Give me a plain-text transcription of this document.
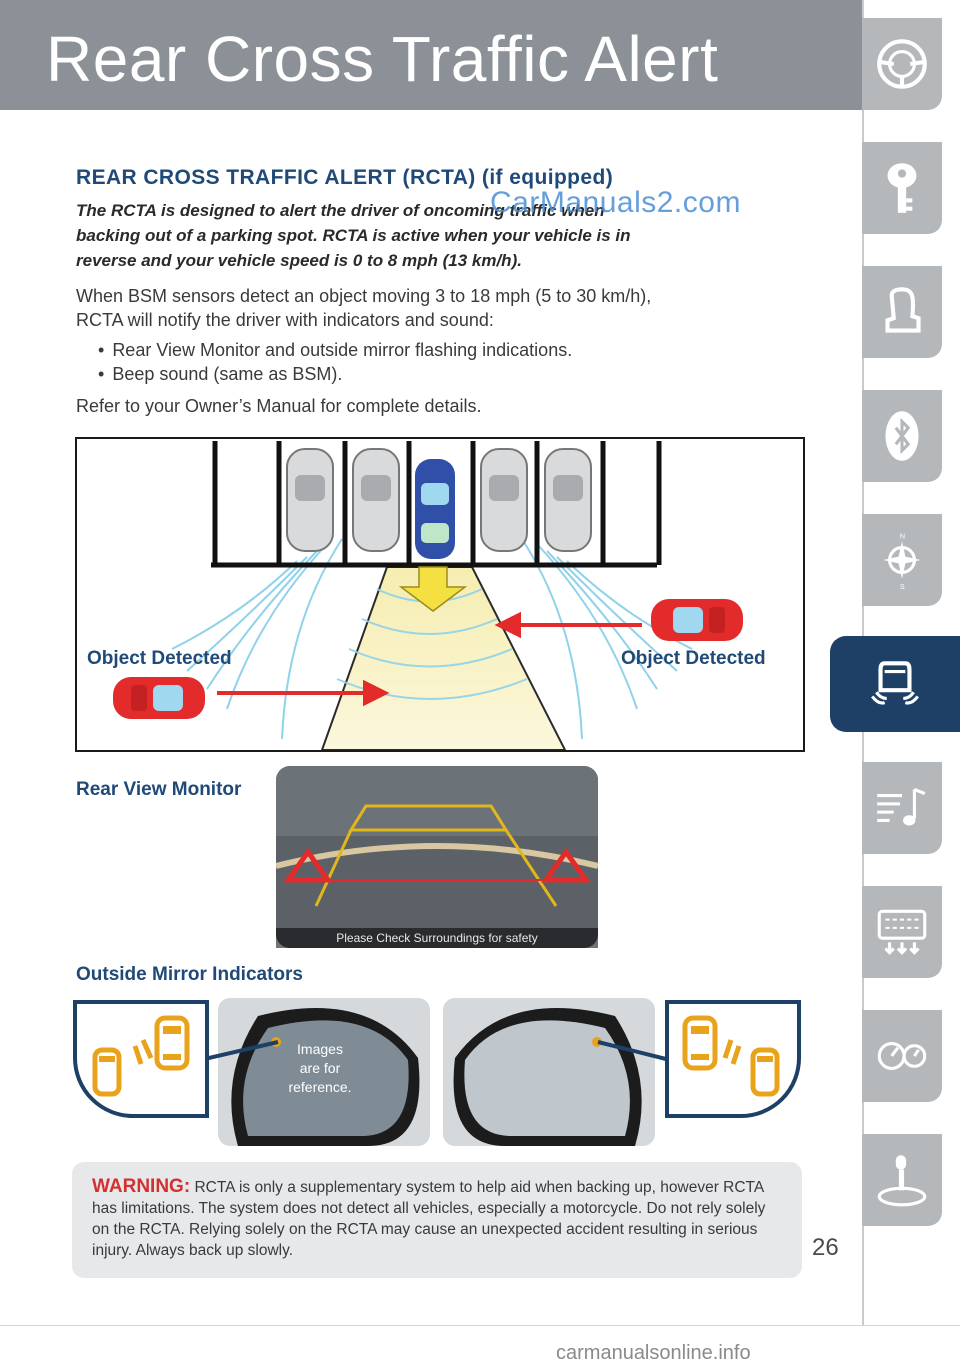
Rear Cross Traffic Alert
N
S
REAR CROSS TRAFFIC ALERT (RCTA) (if equipped)
The RCTA is designed to alert the driver of oncoming traffic when
backing out of a parking spot. RCTA is active when your vehicle is in
reverse and your vehicle speed is 0 to 8 mph (13 km/h).
CarManuals2.com
When BSM sensors detect an object moving 3 to 18 mph (5 to 30 km/h),
RCTA will notify the driver with indicators and sound:
• Rear View Monitor and outside mirror flashing indications.
• Beep sound (same as BSM).
Refer to your Owner’s Manual for complete details.
Object Detected	Object Detected
Rear View Monitor
Please Check Surroundings for safety
Outside Mirror Indicators
Images
are for
reference.
WARNING: RCTA is only a supplementary system to help aid when backing up, however RCTA has limitations. The system does not detect all vehicles, especially a motorcycle. Do not rely solely on the RCTA. Relying solely on the RCTA may cause an unexpected accident resulting in serious injury. Always back up slowly.	26
carmanualsonline.info
